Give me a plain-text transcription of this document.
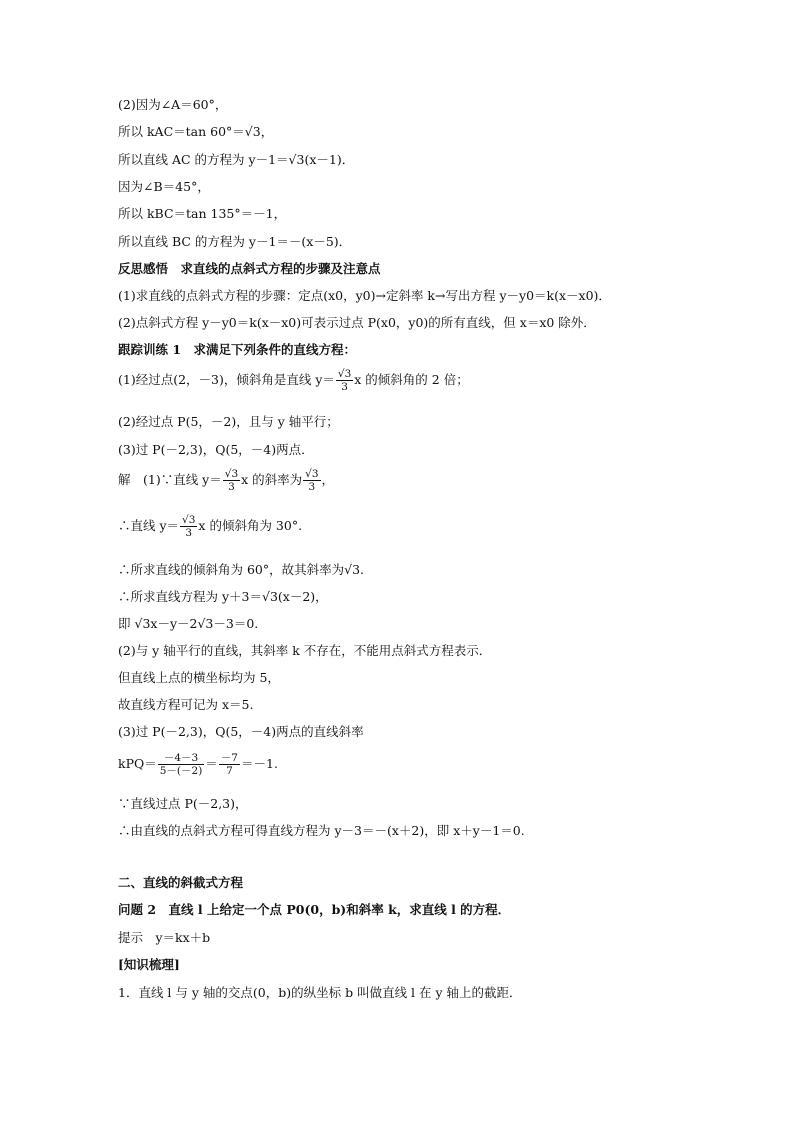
(2)因为∠A＝60°，
所以 kAC＝tan 60°＝√3，
所以直线 AC 的方程为 y－1＝√3(x－1)．
因为∠B＝45°，
所以 kBC＝tan 135°＝－1，
所以直线 BC 的方程为 y－1＝－(x－5)．
反思感悟　求直线的点斜式方程的步骤及注意点
(1)求直线的点斜式方程的步骤：定点(x0，y0)→定斜率 k→写出方程 y－y0＝k(x－x0)．
(2)点斜式方程 y－y0＝k(x－x0)可表示过点 P(x0，y0)的所有直线，但 x＝x0 除外．
跟踪训练 1　求满足下列条件的直线方程：
(1)经过点(2，－3)，倾斜角是直线 $y= \frac{√3}{3}$ x 的倾斜角的 2 倍；
(2)经过点 P(5，－2)，且与 y 轴平行；
(3)过 P(－2,3)，Q(5，－4)两点．
解　(1)∵直线 $y= \frac{√3}{3}$ x 的斜率为 $\frac{√3}{3}$ ，
∴直线 $y= \frac{√3}{3}$ x 的倾斜角为 30°.
∴所求直线的倾斜角为 60°，故其斜率为√3.
∴所求直线方程为 y＋3＝√3(x－2)，
即 √3x－y－2√3－3＝0.
(2)与 y 轴平行的直线，其斜率 k 不存在，不能用点斜式方程表示．
但直线上点的横坐标均为 5，
故直线方程可记为 x＝5.
(3)过 P(－2,3)，Q(5，－4)两点的直线斜率
$kPQ= \frac{-4-3}{5-(-2)} = \frac{-7}{7} =-1$.
∵直线过点 P(－2,3)，
∴由直线的点斜式方程可得直线方程为 y－3＝－(x＋2)，即 x＋y－1＝0.
二、直线的斜截式方程
问题 2　直线 l 上给定一个点 P0(0，b)和斜率 k，求直线 l 的方程．
提示　y＝kx＋b
[知识梳理]
1．直线 l 与 y 轴的交点(0，b)的纵坐标 b 叫做直线 l 在 y 轴上的截距．
